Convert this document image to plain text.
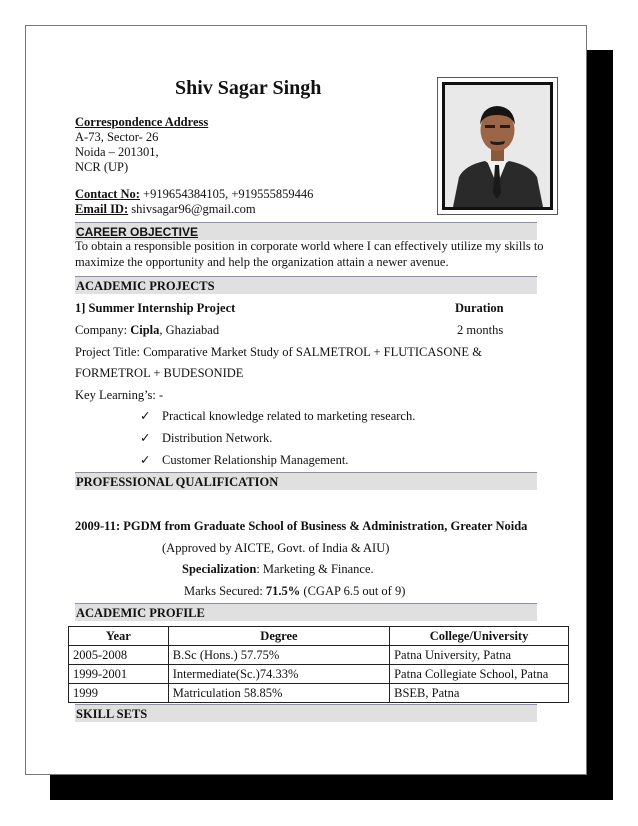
Shiv Sagar Singh
Correspondence Address
A-73, Sector- 26
Noida – 201301,
NCR (UP)
Contact No: +919654384105, +919555859446
Email ID: shivsagar96@gmail.com
CAREER OBJECTIVE
To obtain a responsible position in corporate world where I can effectively utilize my skills to
maximize the opportunity and help the organization attain a newer avenue.
ACADEMIC PROJECTS
1] Summer Internship Project	Duration
Company: Cipla, Ghaziabad	2 months
Project Title: Comparative Market Study of SALMETROL + FLUTICASONE &
FORMETROL + BUDESONIDE
Key Learning’s: -
✓ Practical knowledge related to marketing research.
✓ Distribution Network.
✓ Customer Relationship Management.
PROFESSIONAL QUALIFICATION
2009-11: PGDM from Graduate School of Business & Administration, Greater Noida
(Approved by AICTE, Govt. of India & AIU)
Specialization: Marketing & Finance.
Marks Secured: 71.5% (CGAP 6.5 out of 9)
ACADEMIC PROFILE
Year	Degree	College/University
2005-2008	B.Sc (Hons.) 57.75%	Patna University, Patna
1999-2001	Intermediate(Sc.)74.33%	Patna Collegiate School, Patna
1999	Matriculation 58.85%	BSEB, Patna
SKILL SETS
